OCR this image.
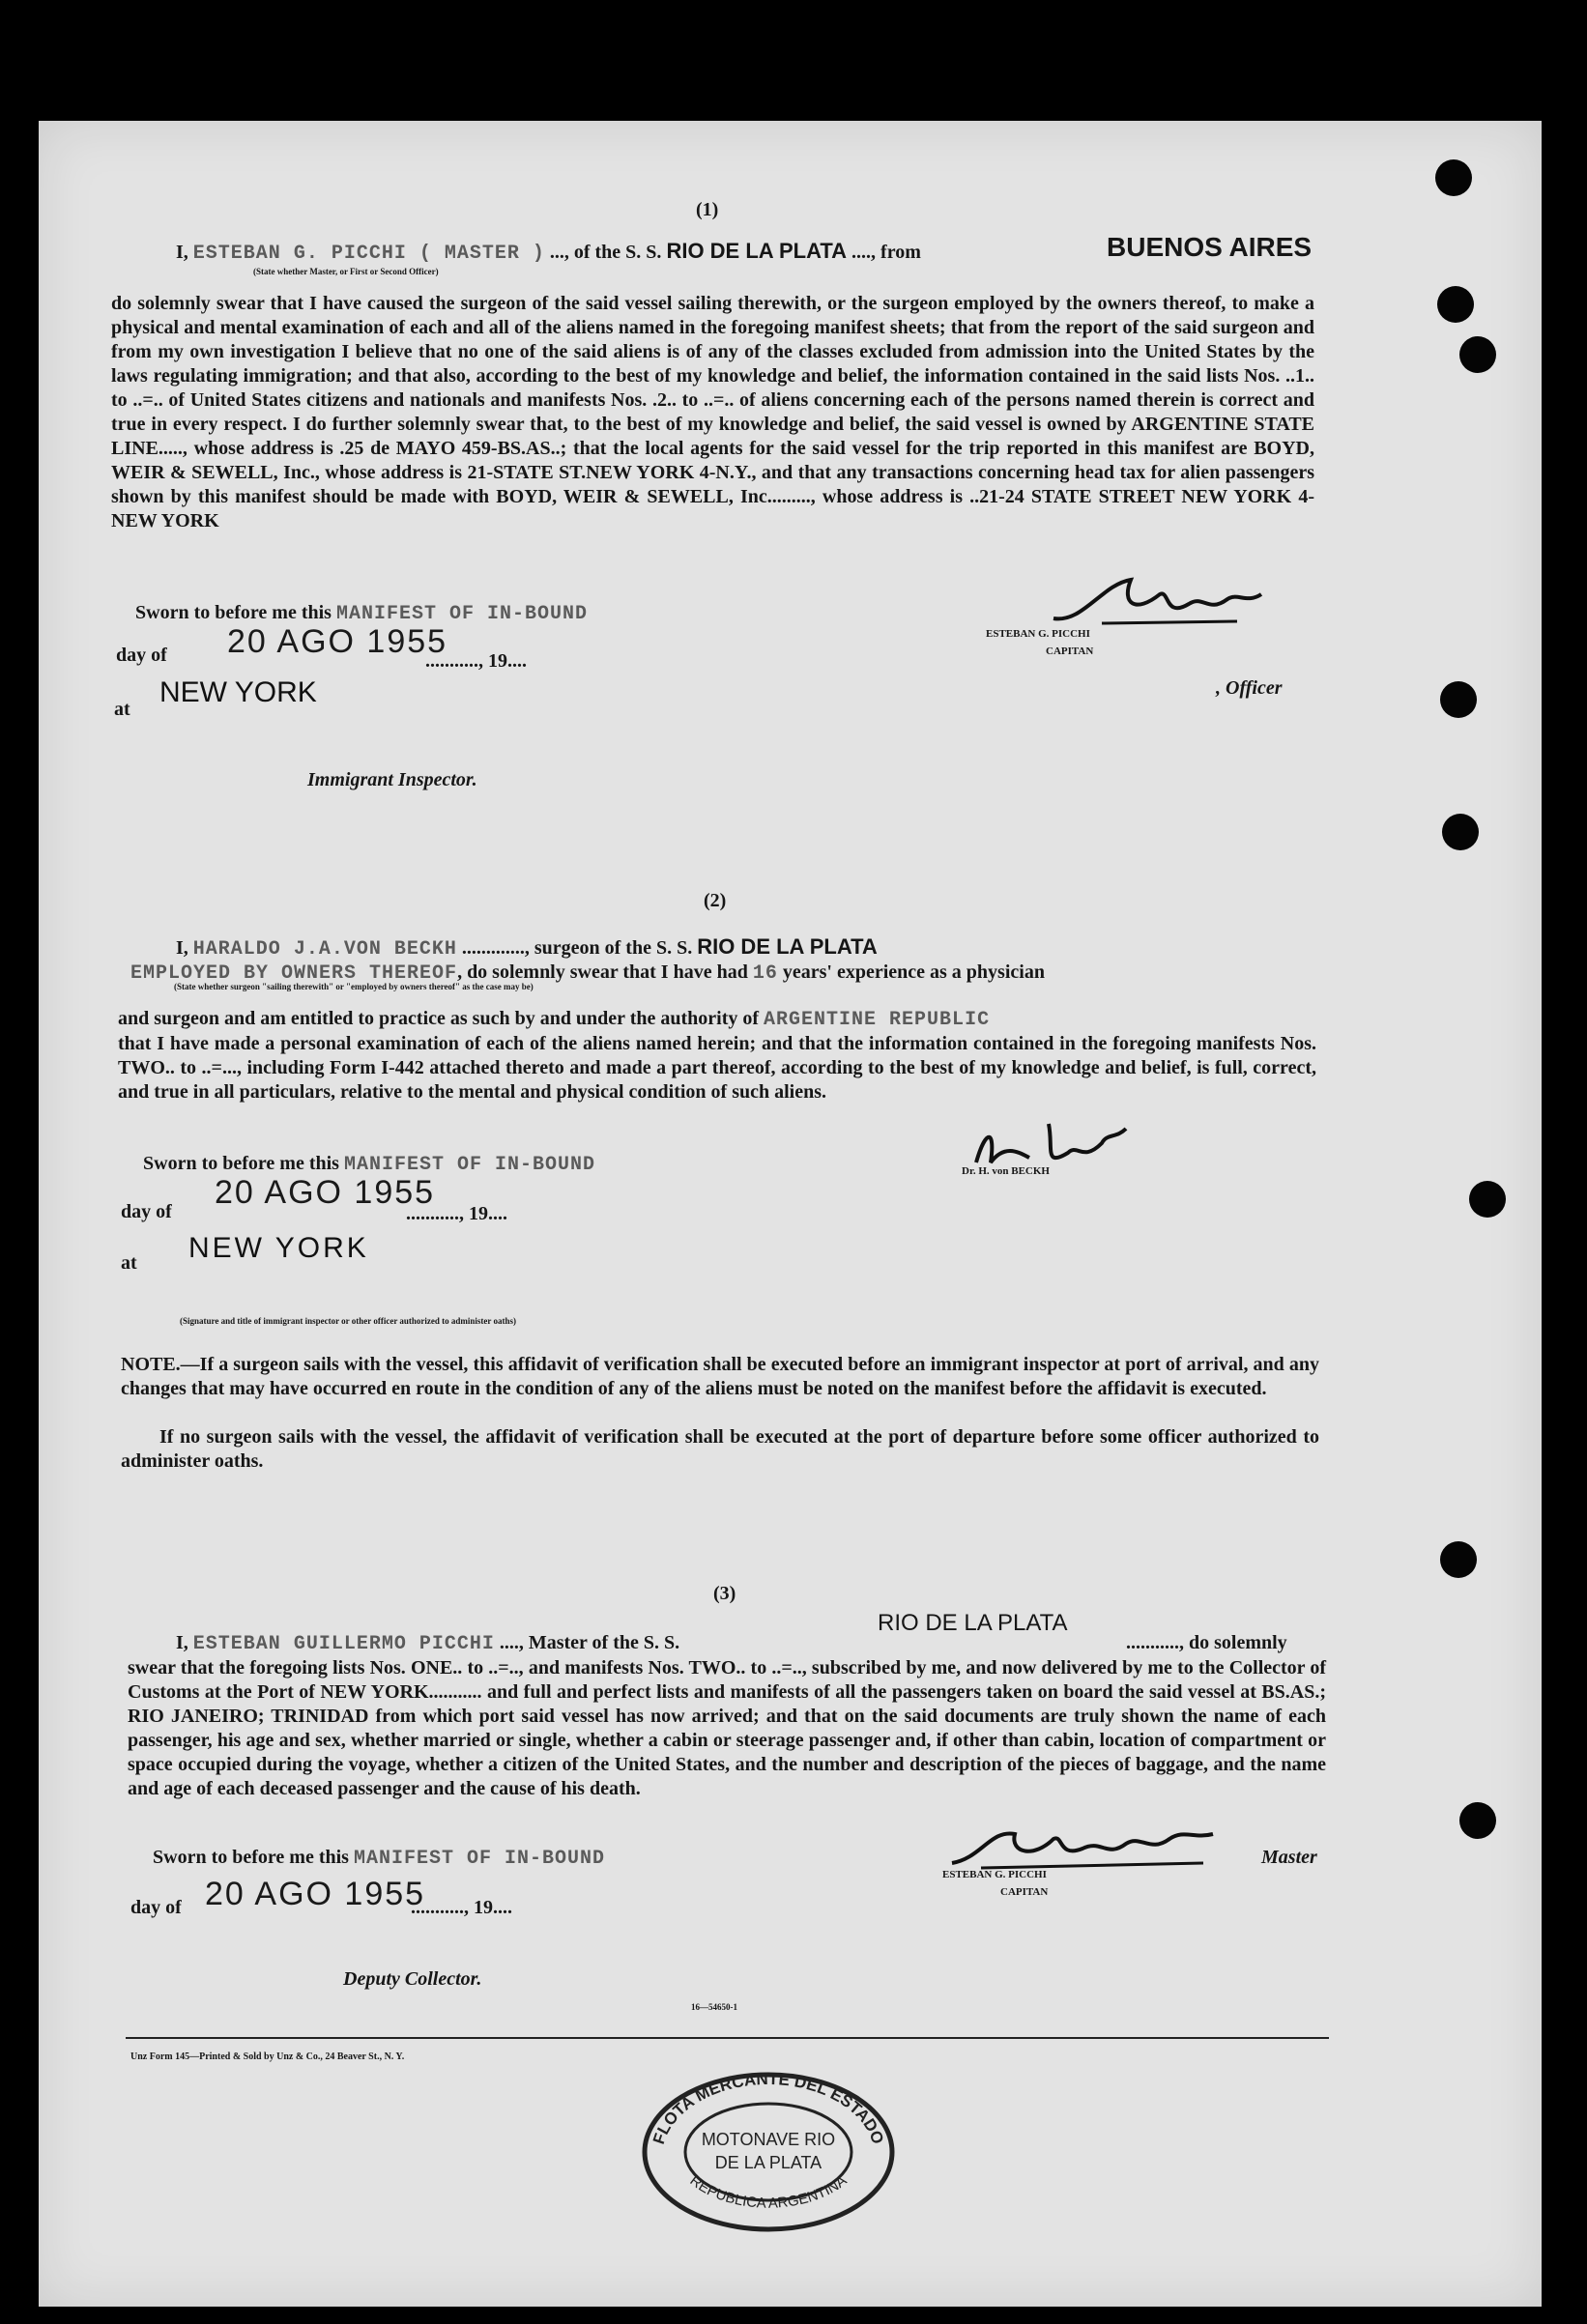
(1)
I, ESTEBAN G. PICCHI ( MASTER ) ..., of the S. S. RIO DE LA PLATA ...., from	BUENOS AIRES
(State whether Master, or First or Second Officer)
do solemnly swear that I have caused the surgeon of the said vessel sailing therewith, or the surgeon employed by the owners thereof, to make a physical and mental examination of each and all of the aliens named in the foregoing manifest sheets; that from the report of the said surgeon and from my own investigation I believe that no one of the said aliens is of any of the classes excluded from admission into the United States by the laws regulating immigration; and that also, according to the best of my knowledge and belief, the information contained in the said lists Nos. ..1.. to ..=.. of United States citizens and nationals and manifests Nos. .2.. to ..=.. of aliens concerning each of the persons named therein is correct and true in every respect. I do further solemnly swear that, to the best of my knowledge and belief, the said vessel is owned by ARGENTINE STATE LINE....., whose address is .25 de MAYO 459-BS.AS..; that the local agents for the said vessel for the trip reported in this manifest are BOYD, WEIR & SEWELL, Inc., whose address is 21-STATE ST.NEW YORK 4-N.Y., and that any transactions concerning head tax for alien passengers shown by this manifest should be made with BOYD, WEIR & SEWELL, Inc........., whose address is ..21-24 STATE STREET NEW YORK 4-NEW YORK
Sworn to before me this MANIFEST OF IN-BOUND
day of 20 AGO 1955
..........., 19....
at
NEW YORK
Immigrant Inspector.
, Officer
ESTEBAN G. PICCHI
CAPITAN
(2)
I, HARALDO J.A.VON BECKH ............., surgeon of the S. S. RIO DE LA PLATA
EMPLOYED BY OWNERS THEREOF, do solemnly swear that I have had 16 years' experience as a physician
(State whether surgeon "sailing therewith" or "employed by owners thereof" as the case may be)
and surgeon and am entitled to practice as such by and under the authority of ARGENTINE REPUBLIC
that I have made a personal examination of each of the aliens named herein; and that the information contained in the foregoing manifests Nos. TWO.. to ..=..., including Form I-442 attached thereto and made a part thereof, according to the best of my knowledge and belief, is full, correct, and true in all particulars, relative to the mental and physical condition of such aliens.
Sworn to before me this MANIFEST OF IN-BOUND
day of
20 AGO 1955
..........., 19....
at NEW YORK
(Signature and title of immigrant inspector or other officer authorized to administer oaths)
Dr. H. von BECKH
NOTE.—If a surgeon sails with the vessel, this affidavit of verification shall be executed before an immigrant inspector at port of arrival, and any changes that may have occurred en route in the condition of any of the aliens must be noted on the manifest before the affidavit is executed.
If no surgeon sails with the vessel, the affidavit of verification shall be executed at the port of departure before some officer authorized to administer oaths.
(3)
RIO DE LA PLATA
I, ESTEBAN GUILLERMO PICCHI ...., Master of the S. S.	..........., do solemnly
swear that the foregoing lists Nos. ONE.. to ..=.., and manifests Nos. TWO.. to ..=.., subscribed by me, and now delivered by me to the Collector of Customs at the Port of NEW YORK........... and full and perfect lists and manifests of all the passengers taken on board the said vessel at BS.AS.; RIO JANEIRO; TRINIDAD from which port said vessel has now arrived; and that on the said documents are truly shown the name of each passenger, his age and sex, whether married or single, whether a cabin or steerage passenger and, if other than cabin, location of compartment or space occupied during the voyage, whether a citizen of the United States, and the number and description of the pieces of baggage, and the name and age of each deceased passenger and the cause of his death.
Sworn to before me this MANIFEST OF IN-BOUND
day of 20 AGO 1955
..........., 19....
Deputy Collector.
Master
ESTEBAN G. PICCHI
CAPITAN
16—54650-1
Unz Form 145—Printed & Sold by Unz & Co., 24 Beaver St., N. Y.
FLOTA MERCANTE DEL ESTADO
REPUBLICA ARGENTINA
MOTONAVE RIO
DE LA PLATA
